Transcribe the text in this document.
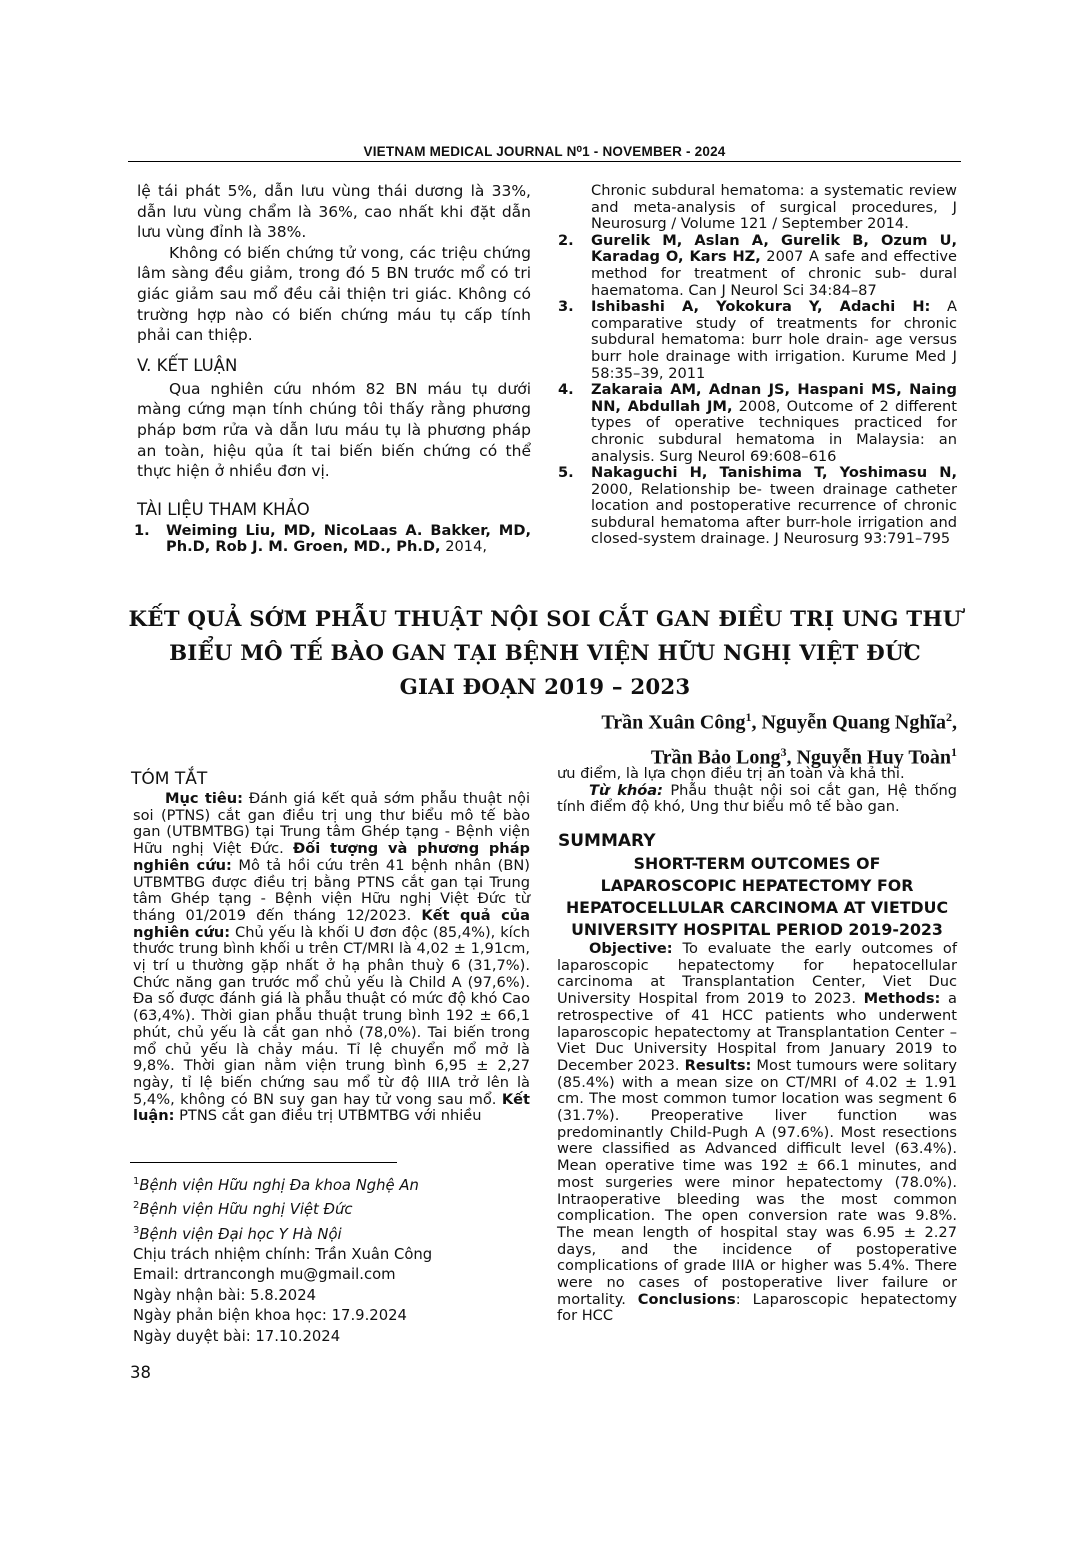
VIETNAM MEDICAL JOURNAL N⁰1 - NOVEMBER - 2024

lệ tái phát 5%, dẫn lưu vùng thái dương là 33%, dẫn lưu vùng chẩm là 36%, cao nhất khi đặt dẫn lưu vùng đỉnh là 38%.

Không có biến chứng tử vong, các triệu chứng lâm sàng đều giảm, trong đó 5 BN trước mổ có tri giác giảm sau mổ đều cải thiện tri giác. Không có trường hợp nào có biến chứng máu tụ cấp tính phải can thiệp.

V. KẾT LUẬN

Qua nghiên cứu nhóm 82 BN máu tụ dưới màng cứng mạn tính chúng tôi thấy rằng phương pháp bơm rửa và dẫn lưu máu tụ là phương pháp an toàn, hiệu qủa ít tai biến biến chứng có thể thực hiện ở nhiều đơn vị.

TÀI LIỆU THAM KHẢO

1. Weiming Liu, MD, NicoLaas A. Bakker, MD, Ph.D, Rob J. M. Groen, MD., Ph.D, 2014,
Chronic subdural hematoma: a systematic review and meta-analysis of surgical procedures, J Neurosurg / Volume 121 / September 2014.
2. Gurelik M, Aslan A, Gurelik B, Ozum U, Karadag O, Kars HZ, 2007 A safe and effective method for treatment of chronic sub- dural haematoma. Can J Neurol Sci 34:84–87
3. Ishibashi A, Yokokura Y, Adachi H: A comparative study of treatments for chronic subdural hematoma: burr hole drain- age versus burr hole drainage with irrigation. Kurume Med J 58:35–39, 2011
4. Zakaraia AM, Adnan JS, Haspani MS, Naing NN, Abdullah JM, 2008, Outcome of 2 different types of operative techniques practiced for chronic subdural hematoma in Malaysia: an analysis. Surg Neurol 69:608–616
5. Nakaguchi H, Tanishima T, Yoshimasu N, 2000, Relationship be- tween drainage catheter location and postoperative recurrence of chronic subdural hematoma after burr-hole irrigation and closed-system drainage. J Neurosurg 93:791–795
KẾT QUẢ SỚM PHẪU THUẬT NỘI SOI CẮT GAN ĐIỀU TRỊ UNG THƯ
BIỂU MÔ TẾ BÀO GAN TẠI BỆNH VIỆN HỮU NGHỊ VIỆT ĐỨC
GIAI ĐOẠN 2019 – 2023
Trần Xuân Công$^1$, Nguyễn Quang Nghĩa$^2$,
Trần Bảo Long$^3$, Nguyễn Huy Toàn$^1$
TÓM TẮT

Mục tiêu: Đánh giá kết quả sớm phẫu thuật nội soi (PTNS) cắt gan điều trị ung thư biểu mô tế bào gan (UTBMTBG) tại Trung tâm Ghép tạng - Bệnh viện Hữu nghị Việt Đức. Đối tượng và phương pháp nghiên cứu: Mô tả hồi cứu trên 41 bệnh nhân (BN) UTBMTBG được điều trị bằng PTNS cắt gan tại Trung tâm Ghép tạng - Bệnh viện Hữu nghị Việt Đức từ tháng 01/2019 đến tháng 12/2023. Kết quả của nghiên cứu: Chủ yếu là khối U đơn độc (85,4%), kích thước trung bình khối u trên CT/MRI là 4,02 ± 1,91cm, vị trí u thường gặp nhất ở hạ phân thuỳ 6 (31,7%). Chức năng gan trước mổ chủ yếu là Child A (97,6%). Đa số được đánh giá là phẫu thuật có mức độ khó Cao (63,4%). Thời gian phẫu thuật trung bình 192 ± 66,1 phút, chủ yếu là cắt gan nhỏ (78,0%). Tai biến trong mổ chủ yếu là chảy máu. Tỉ lệ chuyển mổ mở là 9,8%. Thời gian nằm viện trung bình 6,95 ± 2,27 ngày, tỉ lệ biến chứng sau mổ từ độ IIIA trở lên là 5,4%, không có BN suy gan hay tử vong sau mổ. Kết luận: PTNS cắt gan điều trị UTBMTBG với nhiều

$^1$Bệnh viện Hữu nghị Đa khoa Nghệ An
$^2$Bệnh viện Hữu nghị Việt Đức
$^3$Bệnh viện Đại học Y Hà Nội
Chịu trách nhiệm chính: Trần Xuân Công
Email: drtrancongh mu@gmail.com
Ngày nhận bài: 5.8.2024
Ngày phản biện khoa học: 17.9.2024
Ngày duyệt bài: 17.10.2024

ưu điểm, là lựa chọn điều trị an toàn và khả thi.

Từ khóa: Phẫu thuật nội soi cắt gan, Hệ thống tính điểm độ khó, Ung thư biểu mô tế bào gan.

SUMMARY
SHORT-TERM OUTCOMES OF
LAPAROSCOPIC HEPATECTOMY FOR
HEPATOCELLULAR CARCINOMA AT VIETDUC
UNIVERSITY HOSPITAL PERIOD 2019-2023

Objective: To evaluate the early outcomes of laparoscopic hepatectomy for hepatocellular carcinoma at Transplantation Center, Viet Duc University Hospital from 2019 to 2023. Methods: a retrospective of 41 HCC patients who underwent laparoscopic hepatectomy at Transplantation Center – Viet Duc University Hospital from January 2019 to December 2023. Results: Most tumours were solitary (85.4%) with a mean size on CT/MRI of 4.02 ± 1.91 cm. The most common tumor location was segment 6 (31.7%). Preoperative liver function was predominantly Child-Pugh A (97.6%). Most resections were classified as Advanced difficult level (63.4%). Mean operative time was 192 ± 66.1 minutes, and most surgeries were minor hepatectomy (78.0%). Intraoperative bleeding was the most common complication. The open conversion rate was 9.8%. The mean length of hospital stay was 6.95 ± 2.27 days, and the incidence of postoperative complications of grade IIIA or higher was 5.4%. There were no cases of postoperative liver failure or mortality. Conclusions: Laparoscopic hepatectomy for HCC

38
